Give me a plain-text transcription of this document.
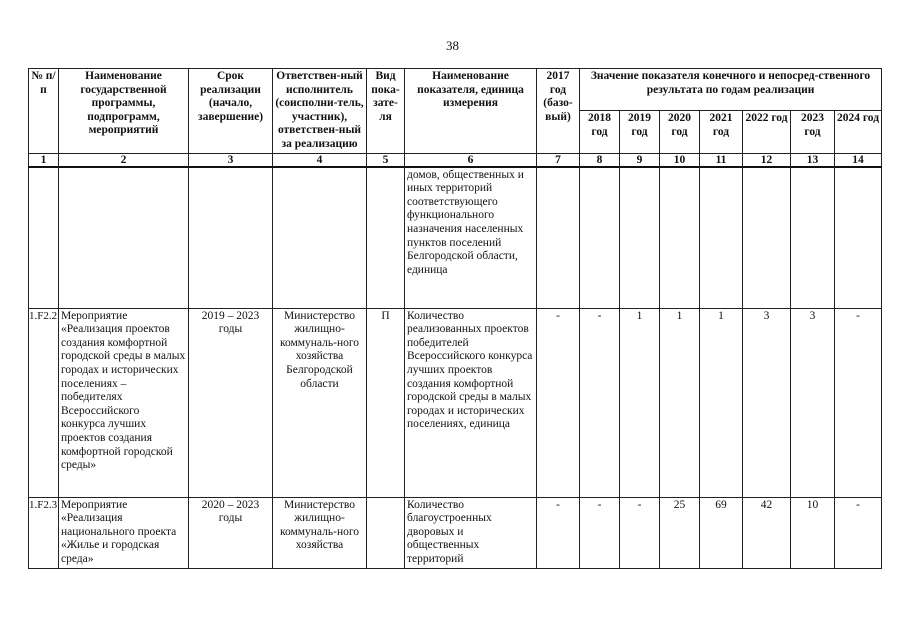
38
№ п/п	Наименование государственной программы, подпрограмм, мероприятий	Срок реализации (начало, завершение)	Ответствен-ный исполнитель (соисполни-тель, участник), ответствен-ный за реализацию	Вид пока-зате-ля	Наименование показателя, единица измерения	2017 год (базо-вый)	Значение показателя конечного и непосред-ственного результата по годам реализации						
							2018 год	2019 год	2020 год	2021 год	2022 год	2023 год	2024 год
1	2	3	4	5	6	7	8	9	10	11	12	13	14
					домов, общественных и иных территорий соответствующего функционального назначения населенных пунктов поселений Белгородской области, единица								
1.F2.2	Мероприятие «Реализация проектов создания комфортной городской среды в малых городах и исторических поселениях – победителях Всероссийского конкурса лучших проектов создания комфортной городской среды»	2019 – 2023 годы	Министерство жилищно-коммуналь-ного хозяйства Белгородской области	П	Количество реализованных проектов победителей Всероссийского конкурса лучших проектов создания комфортной городской среды в малых городах и исторических поселениях, единица	-	-	1	1	1	3	3	-
1.F2.3	Мероприятие «Реализация национального проекта «Жилье и городская среда»	2020 – 2023 годы	Министерство жилищно-коммуналь-ного хозяйства		Количество благоустроенных дворовых и общественных территорий	-	-	-	25	69	42	10	-
